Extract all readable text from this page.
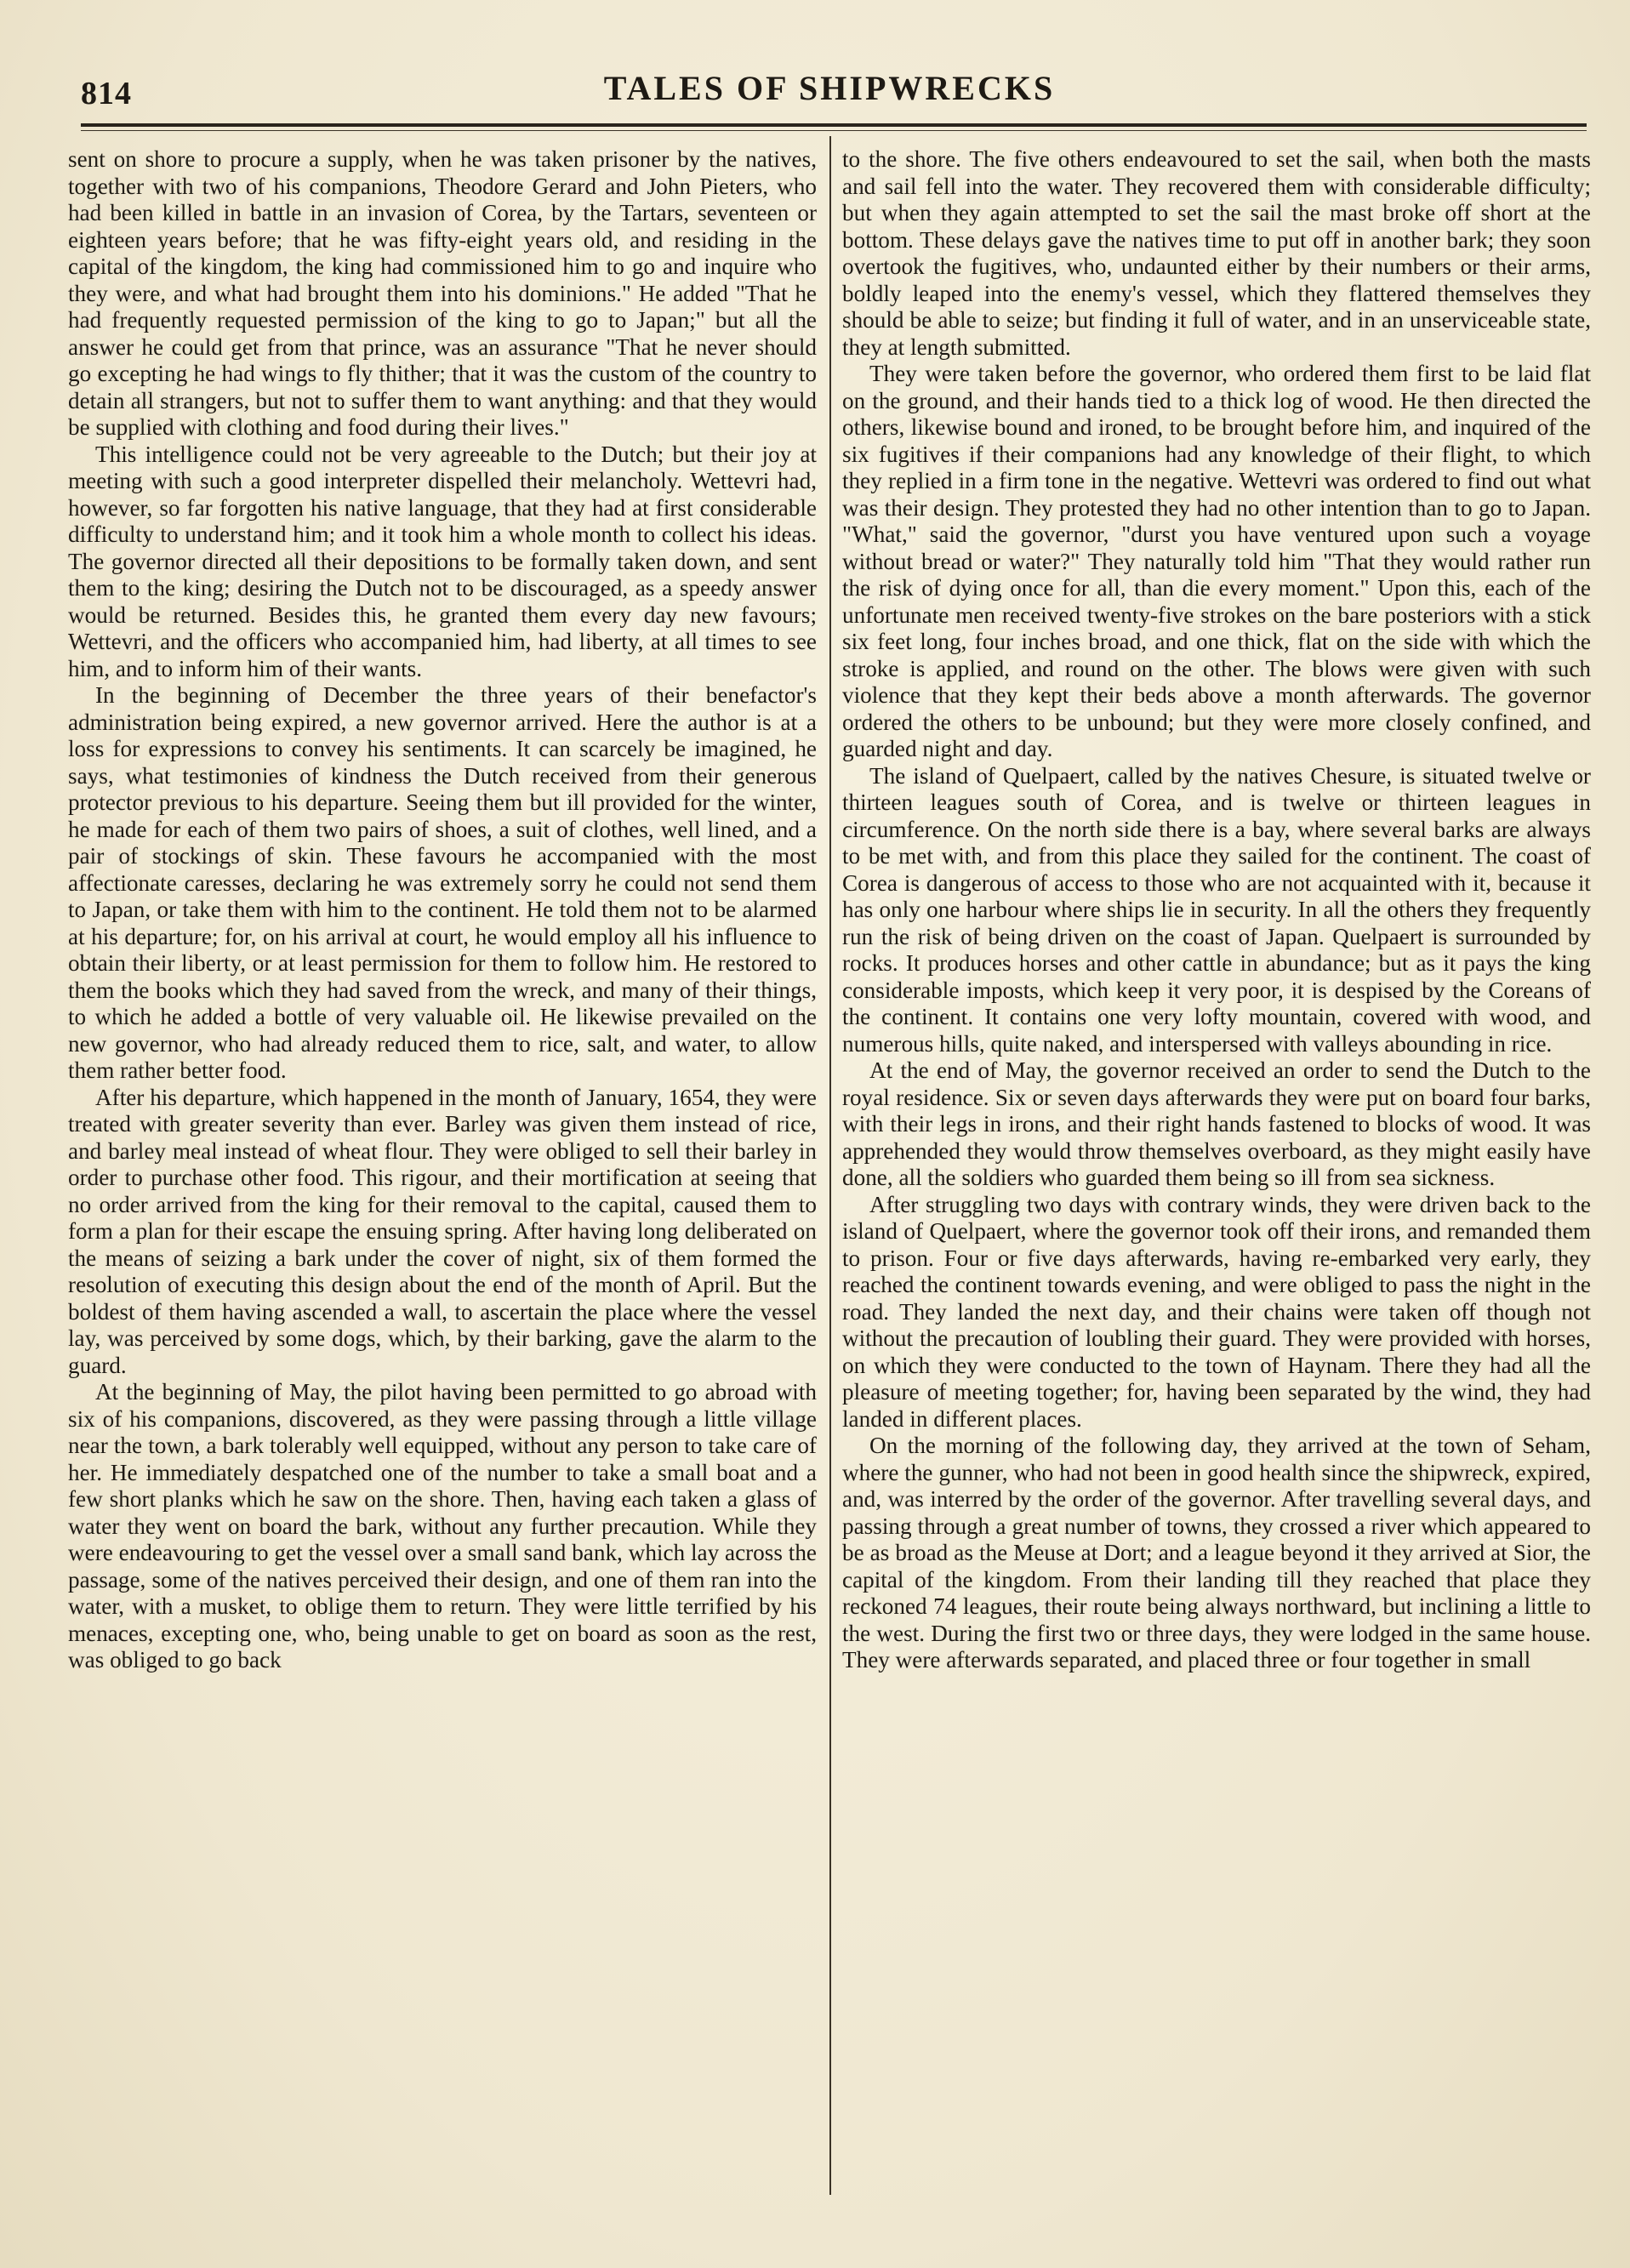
814	TALES OF SHIPWRECKS

sent on shore to procure a supply, when he was taken prisoner by the natives, together with two of his companions, Theodore Gerard and John Pieters, who had been killed in battle in an invasion of Corea, by the Tartars, seventeen or eighteen years before; that he was fifty-eight years old, and residing in the capital of the kingdom, the king had commissioned him to go and inquire who they were, and what had brought them into his dominions." He added "That he had frequently requested permission of the king to go to Japan;" but all the answer he could get from that prince, was an assurance "That he never should go excepting he had wings to fly thither; that it was the custom of the country to detain all strangers, but not to suffer them to want anything: and that they would be supplied with clothing and food during their lives."

This intelligence could not be very agreeable to the Dutch; but their joy at meeting with such a good interpreter dispelled their melancholy. Wettevri had, however, so far forgotten his native language, that they had at first considerable difficulty to understand him; and it took him a whole month to collect his ideas. The governor directed all their depositions to be formally taken down, and sent them to the king; desiring the Dutch not to be discouraged, as a speedy answer would be returned. Besides this, he granted them every day new favours; Wettevri, and the officers who accompanied him, had liberty, at all times to see him, and to inform him of their wants.

In the beginning of December the three years of their benefactor's administration being expired, a new governor arrived. Here the author is at a loss for expressions to convey his sentiments. It can scarcely be imagined, he says, what testimonies of kindness the Dutch received from their generous protector previous to his departure. Seeing them but ill provided for the winter, he made for each of them two pairs of shoes, a suit of clothes, well lined, and a pair of stockings of skin. These favours he accompanied with the most affectionate caresses, declaring he was extremely sorry he could not send them to Japan, or take them with him to the continent. He told them not to be alarmed at his departure; for, on his arrival at court, he would employ all his influence to obtain their liberty, or at least permission for them to follow him. He restored to them the books which they had saved from the wreck, and many of their things, to which he added a bottle of very valuable oil. He likewise prevailed on the new governor, who had already reduced them to rice, salt, and water, to allow them rather better food.

After his departure, which happened in the month of January, 1654, they were treated with greater severity than ever. Barley was given them instead of rice, and barley meal instead of wheat flour. They were obliged to sell their barley in order to purchase other food. This rigour, and their mortification at seeing that no order arrived from the king for their removal to the capital, caused them to form a plan for their escape the ensuing spring. After having long deliberated on the means of seizing a bark under the cover of night, six of them formed the resolution of executing this design about the end of the month of April. But the boldest of them having ascended a wall, to ascertain the place where the vessel lay, was perceived by some dogs, which, by their barking, gave the alarm to the guard.

At the beginning of May, the pilot having been permitted to go abroad with six of his companions, discovered, as they were passing through a little village near the town, a bark tolerably well equipped, without any person to take care of her. He immediately despatched one of the number to take a small boat and a few short planks which he saw on the shore. Then, having each taken a glass of water they went on board the bark, without any further precaution. While they were endeavouring to get the vessel over a small sand bank, which lay across the passage, some of the natives perceived their design, and one of them ran into the water, with a musket, to oblige them to return. They were little terrified by his menaces, excepting one, who, being unable to get on board as soon as the rest, was obliged to go back

to the shore. The five others endeavoured to set the sail, when both the masts and sail fell into the water. They recovered them with considerable difficulty; but when they again attempted to set the sail the mast broke off short at the bottom. These delays gave the natives time to put off in another bark; they soon overtook the fugitives, who, undaunted either by their numbers or their arms, boldly leaped into the enemy's vessel, which they flattered themselves they should be able to seize; but finding it full of water, and in an unserviceable state, they at length submitted.

They were taken before the governor, who ordered them first to be laid flat on the ground, and their hands tied to a thick log of wood. He then directed the others, likewise bound and ironed, to be brought before him, and inquired of the six fugitives if their companions had any knowledge of their flight, to which they replied in a firm tone in the negative. Wettevri was ordered to find out what was their design. They protested they had no other intention than to go to Japan. "What," said the governor, "durst you have ventured upon such a voyage without bread or water?" They naturally told him "That they would rather run the risk of dying once for all, than die every moment." Upon this, each of the unfortunate men received twenty-five strokes on the bare posteriors with a stick six feet long, four inches broad, and one thick, flat on the side with which the stroke is applied, and round on the other. The blows were given with such violence that they kept their beds above a month afterwards. The governor ordered the others to be unbound; but they were more closely confined, and guarded night and day.

The island of Quelpaert, called by the natives Chesure, is situated twelve or thirteen leagues south of Corea, and is twelve or thirteen leagues in circumference. On the north side there is a bay, where several barks are always to be met with, and from this place they sailed for the continent. The coast of Corea is dangerous of access to those who are not acquainted with it, because it has only one harbour where ships lie in security. In all the others they frequently run the risk of being driven on the coast of Japan. Quelpaert is surrounded by rocks. It produces horses and other cattle in abundance; but as it pays the king considerable imposts, which keep it very poor, it is despised by the Coreans of the continent. It contains one very lofty mountain, covered with wood, and numerous hills, quite naked, and interspersed with valleys abounding in rice.

At the end of May, the governor received an order to send the Dutch to the royal residence. Six or seven days afterwards they were put on board four barks, with their legs in irons, and their right hands fastened to blocks of wood. It was apprehended they would throw themselves overboard, as they might easily have done, all the soldiers who guarded them being so ill from sea sickness.

After struggling two days with contrary winds, they were driven back to the island of Quelpaert, where the governor took off their irons, and remanded them to prison. Four or five days afterwards, having re-embarked very early, they reached the continent towards evening, and were obliged to pass the night in the road. They landed the next day, and their chains were taken off though not without the precaution of loubling their guard. They were provided with horses, on which they were conducted to the town of Haynam. There they had all the pleasure of meeting together; for, having been separated by the wind, they had landed in different places.

On the morning of the following day, they arrived at the town of Seham, where the gunner, who had not been in good health since the shipwreck, expired, and, was interred by the order of the governor. After travelling several days, and passing through a great number of towns, they crossed a river which appeared to be as broad as the Meuse at Dort; and a league beyond it they arrived at Sior, the capital of the kingdom. From their landing till they reached that place they reckoned 74 leagues, their route being always northward, but inclining a little to the west. During the first two or three days, they were lodged in the same house. They were afterwards separated, and placed three or four together in small
